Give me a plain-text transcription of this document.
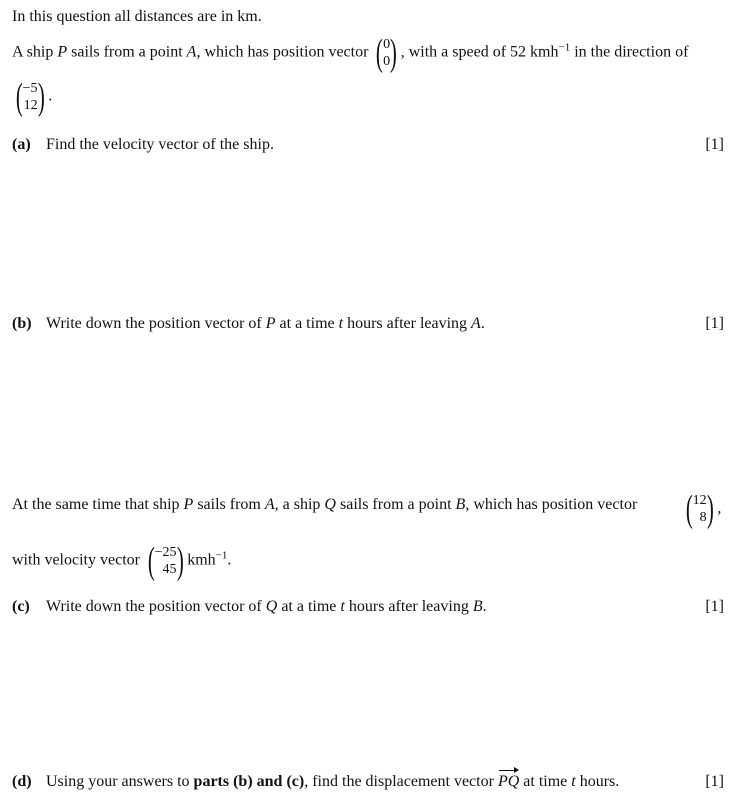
In this question all distances are in km.
A ship P sails from a point A, which has position vector ( 0
0 ) , with a speed of 52 kmh$^{-1}$ in the direction of
( −5
12 ) .
(a) Find the velocity vector of the ship.	[1]
(b) Write down the position vector of P at a time t hours after leaving A.	[1]
At the same time that ship P sails from A, a ship Q sails from a point B, which has position vector ( 12
8 ) ,
with velocity vector ( −25
45 ) kmh$^{-1}$.
(c) Write down the position vector of Q at a time t hours after leaving B.	[1]
(d) Using your answers to parts (b) and (c), find the displacement vector PQ at time t hours.	[1]
